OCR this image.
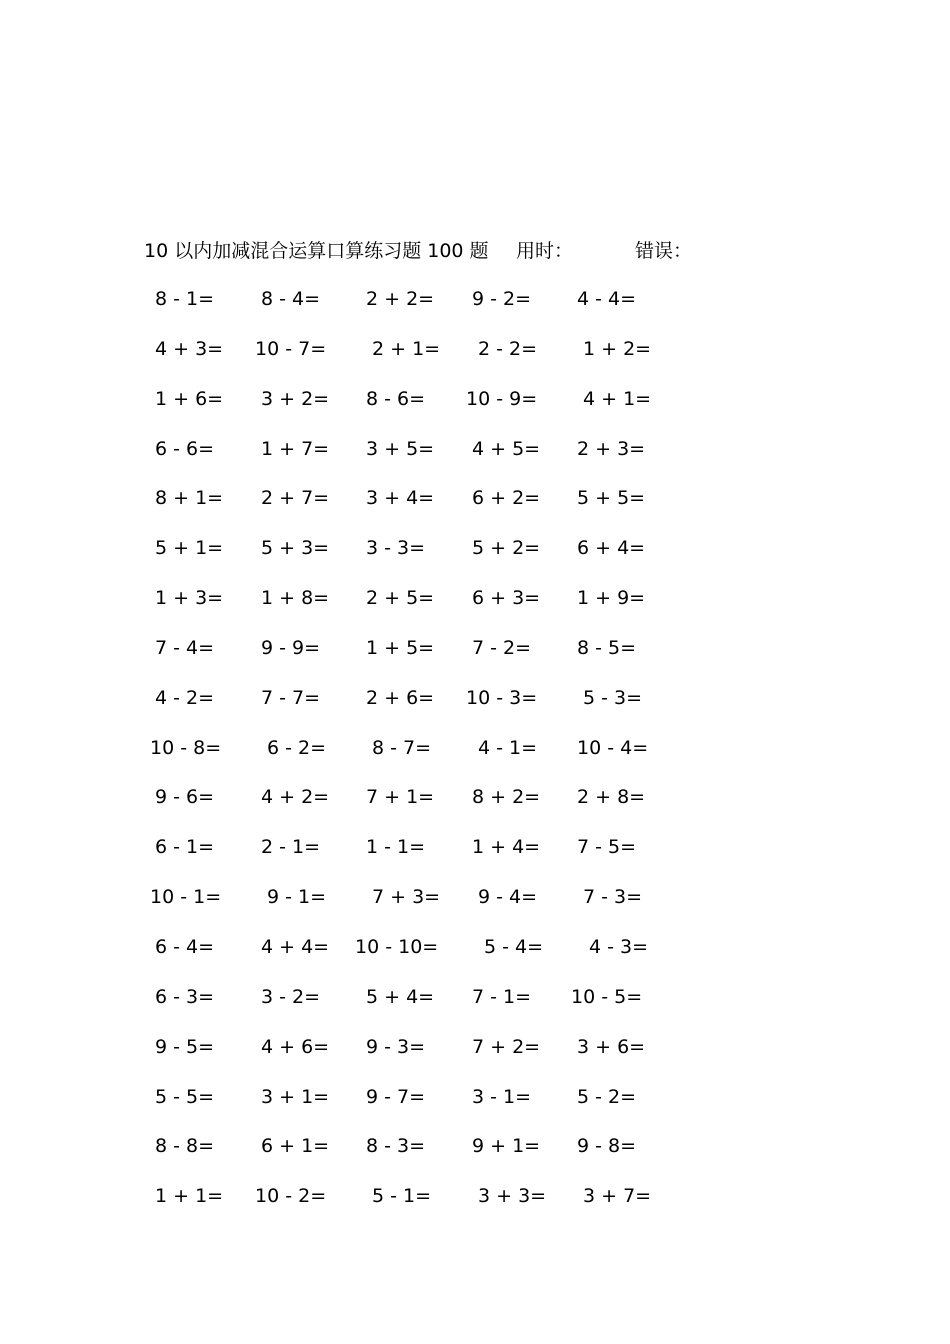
10 以内加减混合运算口算练习题 100 题 用时：	错误：
8 - 1= 8 - 4= 2 + 2= 9 - 2= 4 - 4=
4 + 3= 10 - 7= 2 + 1= 2 - 2= 1 + 2=
1 + 6= 3 + 2= 8 - 6= 10 - 9= 4 + 1=
6 - 6= 1 + 7= 3 + 5= 4 + 5= 2 + 3=
8 + 1= 2 + 7= 3 + 4= 6 + 2= 5 + 5=
5 + 1= 5 + 3= 3 - 3= 5 + 2= 6 + 4=
1 + 3= 1 + 8= 2 + 5= 6 + 3= 1 + 9=
7 - 4= 9 - 9= 1 + 5= 7 - 2= 8 - 5=
4 - 2= 7 - 7= 2 + 6= 10 - 3= 5 - 3=
10 - 8= 6 - 2= 8 - 7= 4 - 1= 10 - 4=
9 - 6= 4 + 2= 7 + 1= 8 + 2= 2 + 8=
6 - 1= 2 - 1= 1 - 1= 1 + 4= 7 - 5=
10 - 1= 9 - 1= 7 + 3= 9 - 4= 7 - 3=
6 - 4= 4 + 4= 10 - 10= 5 - 4= 4 - 3=
6 - 3= 3 - 2= 5 + 4= 7 - 1= 10 - 5=
9 - 5= 4 + 6= 9 - 3= 7 + 2= 3 + 6=
5 - 5= 3 + 1= 9 - 7= 3 - 1= 5 - 2=
8 - 8= 6 + 1= 8 - 3= 9 + 1= 9 - 8=
1 + 1= 10 - 2= 5 - 1= 3 + 3= 3 + 7=
